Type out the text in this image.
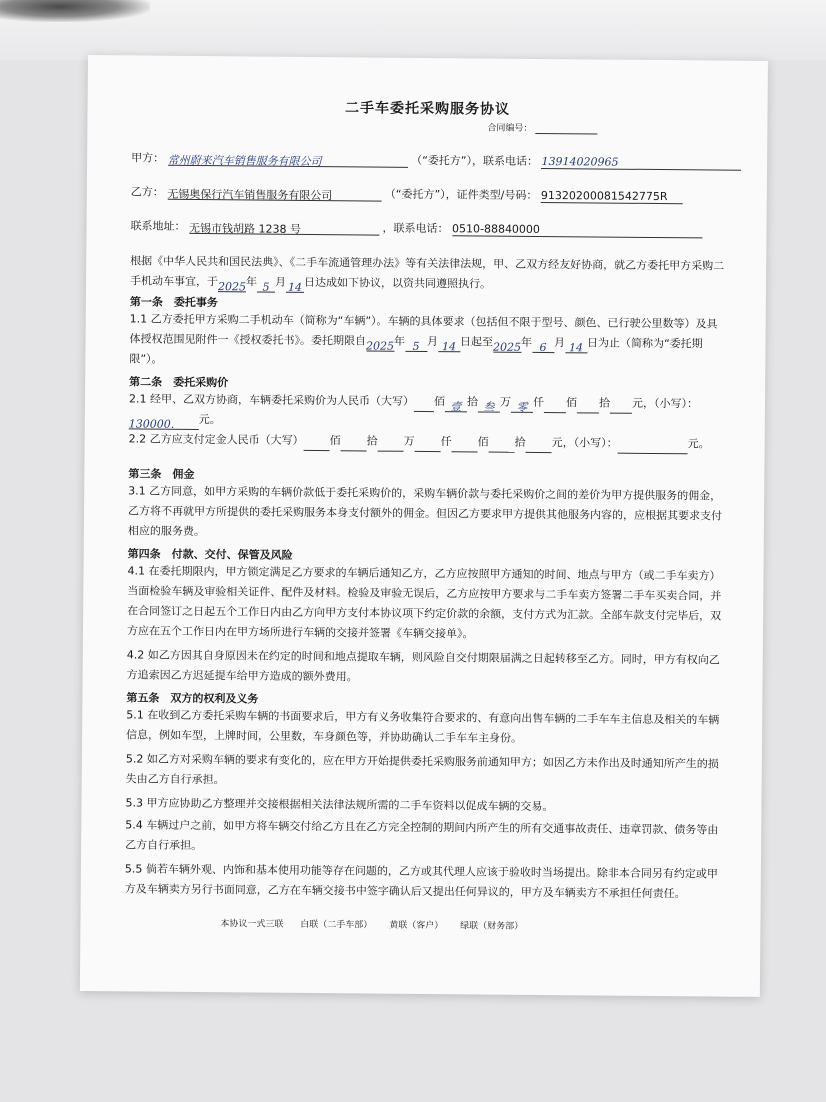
二手车委托采购服务协议
合同编号：
甲方： 常州蔚来汽车销售服务有限公司	（“委托方”），联系电话： 13914020965
乙方： 无锡奥保行汽车销售服务有限公司	（“委托方”），证件类型/号码： 91320200081542775R
联系地址： 无锡市钱胡路 1238 号	，联系电话： 0510-88840000
根据《中华人民共和国民法典》、《二手车流通管理办法》等有关法律法规，甲、乙双方经友好协商，就乙方委托甲方采购二手机动车事宜，于2025年 5 月 14 日达成如下协议，以资共同遵照执行。
第一条　委托事务
1.1 乙方委托甲方采购二手机动车（简称为“车辆”）。车辆的具体要求（包括但不限于型号、颜色、已行驶公里数等）及具体授权范围见附件一《授权委托书》。委托期限自2025年 5 月 14 日起至2025年 6 月 14 日为止（简称为“委托期限”）。
第二条　委托采购价
2.1 经甲、乙双方协商，车辆委托采购价为人民币（大写） 佰 壹 拾 叁 万 零 仟 佰 拾 元，（小写）：130000. 元。
2.2 乙方应支付定金人民币（大写） 佰 拾 万 仟 佰 拾 元，（小写）：	元。
第三条　佣金
3.1 乙方同意，如甲方采购的车辆价款低于委托采购价的，采购车辆价款与委托采购价之间的差价为甲方提供服务的佣金，乙方将不再就甲方所提供的委托采购服务本身支付额外的佣金。但因乙方要求甲方提供其他服务内容的，应根据其要求支付相应的服务费。
第四条　付款、交付、保管及风险
4.1 在委托期限内，甲方锁定满足乙方要求的车辆后通知乙方，乙方应按照甲方通知的时间、地点与甲方（或二手车卖方）当面检验车辆及审验相关证件、配件及材料。检验及审验无误后，乙方应按甲方要求与二手车卖方签署二手车买卖合同，并在合同签订之日起五个工作日内由乙方向甲方支付本协议项下约定价款的余额，支付方式为汇款。全部车款支付完毕后，双方应在五个工作日内在甲方场所进行车辆的交接并签署《车辆交接单》。
4.2 如乙方因其自身原因未在约定的时间和地点提取车辆，则风险自交付期限届满之日起转移至乙方。同时，甲方有权向乙方追索因乙方迟延提车给甲方造成的额外费用。
第五条　双方的权利及义务
5.1 在收到乙方委托采购车辆的书面要求后，甲方有义务收集符合要求的、有意向出售车辆的二手车车主信息及相关的车辆信息，例如车型，上牌时间，公里数，车身颜色等，并协助确认二手车车主身份。
5.2 如乙方对采购车辆的要求有变化的，应在甲方开始提供委托采购服务前通知甲方；如因乙方未作出及时通知所产生的损失由乙方自行承担。
5.3 甲方应协助乙方整理并交接根据相关法律法规所需的二手车资料以促成车辆的交易。
5.4 车辆过户之前，如甲方将车辆交付给乙方且在乙方完全控制的期间内所产生的所有交通事故责任、违章罚款、债务等由乙方自行承担。
5.5 倘若车辆外观、内饰和基本使用功能等存在问题的，乙方或其代理人应该于验收时当场提出。除非本合同另有约定或甲方及车辆卖方另行书面同意，乙方在车辆交接书中签字确认后又提出任何异议的，甲方及车辆卖方不承担任何责任。
本协议一式三联 白联（二手车部） 黄联（客户） 绿联（财务部）
